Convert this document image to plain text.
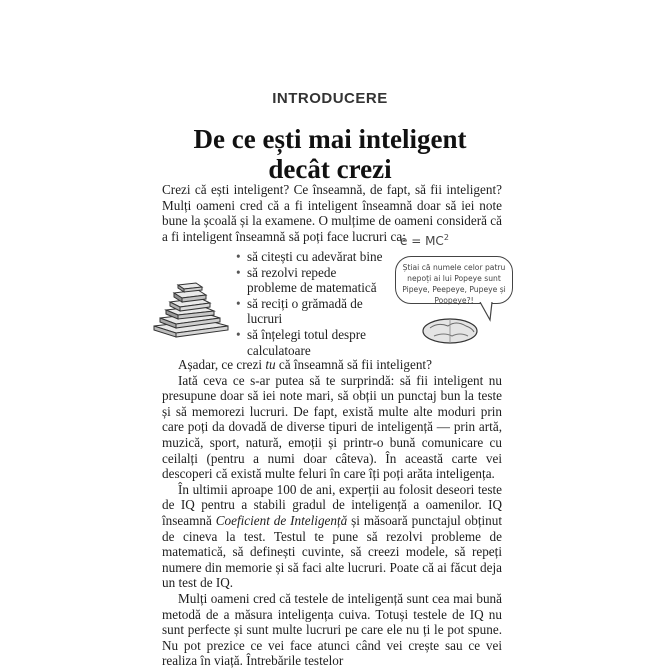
INTRODUCERE
De ce ești mai inteligent
decât crezi

Crezi că ești inteligent? Ce înseamnă, de fapt, să fii inteligent? Mulți oameni cred că a fi inteligent înseamnă doar să iei note bune la școală și la examene. O mulțime de oameni consideră că a fi inteligent înseamnă să poți face lucruri ca:

• să citești cu adevărat bine
• să rezolvi repede probleme de matematică
• să reciți o grămadă de lucruri
• să înțelegi totul despre calculatoare
$e = MC^2$
Știai că numele celor patru nepoți ai lui Popeye sunt Pipeye, Peepeye, Pupeye și Poopeye?!

Așadar, ce crezi tu că înseamnă să fii inteligent?

Iată ceva ce s-ar putea să te surprindă: să fii inteligent nu presupune doar să iei note mari, să obții un punctaj bun la teste și să memorezi lucruri. De fapt, există multe alte moduri prin care poți da dovadă de diverse tipuri de inteligență — prin artă, muzică, sport, natură, emoții și printr-o bună comunicare cu ceilalți (pentru a numi doar câteva). În această carte vei descoperi că există multe feluri în care îți poți arăta inteligența.

În ultimii aproape 100 de ani, experții au folosit deseori teste de IQ pentru a stabili gradul de inteligență a oamenilor. IQ înseamnă Coeficient de Inteligență și măsoară punctajul obținut de cineva la test. Testul te pune să rezolvi probleme de matematică, să definești cuvinte, să creezi modele, să repeți numere din memorie și să faci alte lucruri. Poate că ai făcut deja un test de IQ.

Mulți oameni cred că testele de inteligență sunt cea mai bună metodă de a măsura inteligența cuiva. Totuși testele de IQ nu sunt perfecte și sunt multe lucruri pe care ele nu ți le pot spune. Nu pot prezice ce vei face atunci când vei crește sau ce vei realiza în viață. Întrebările testelor
